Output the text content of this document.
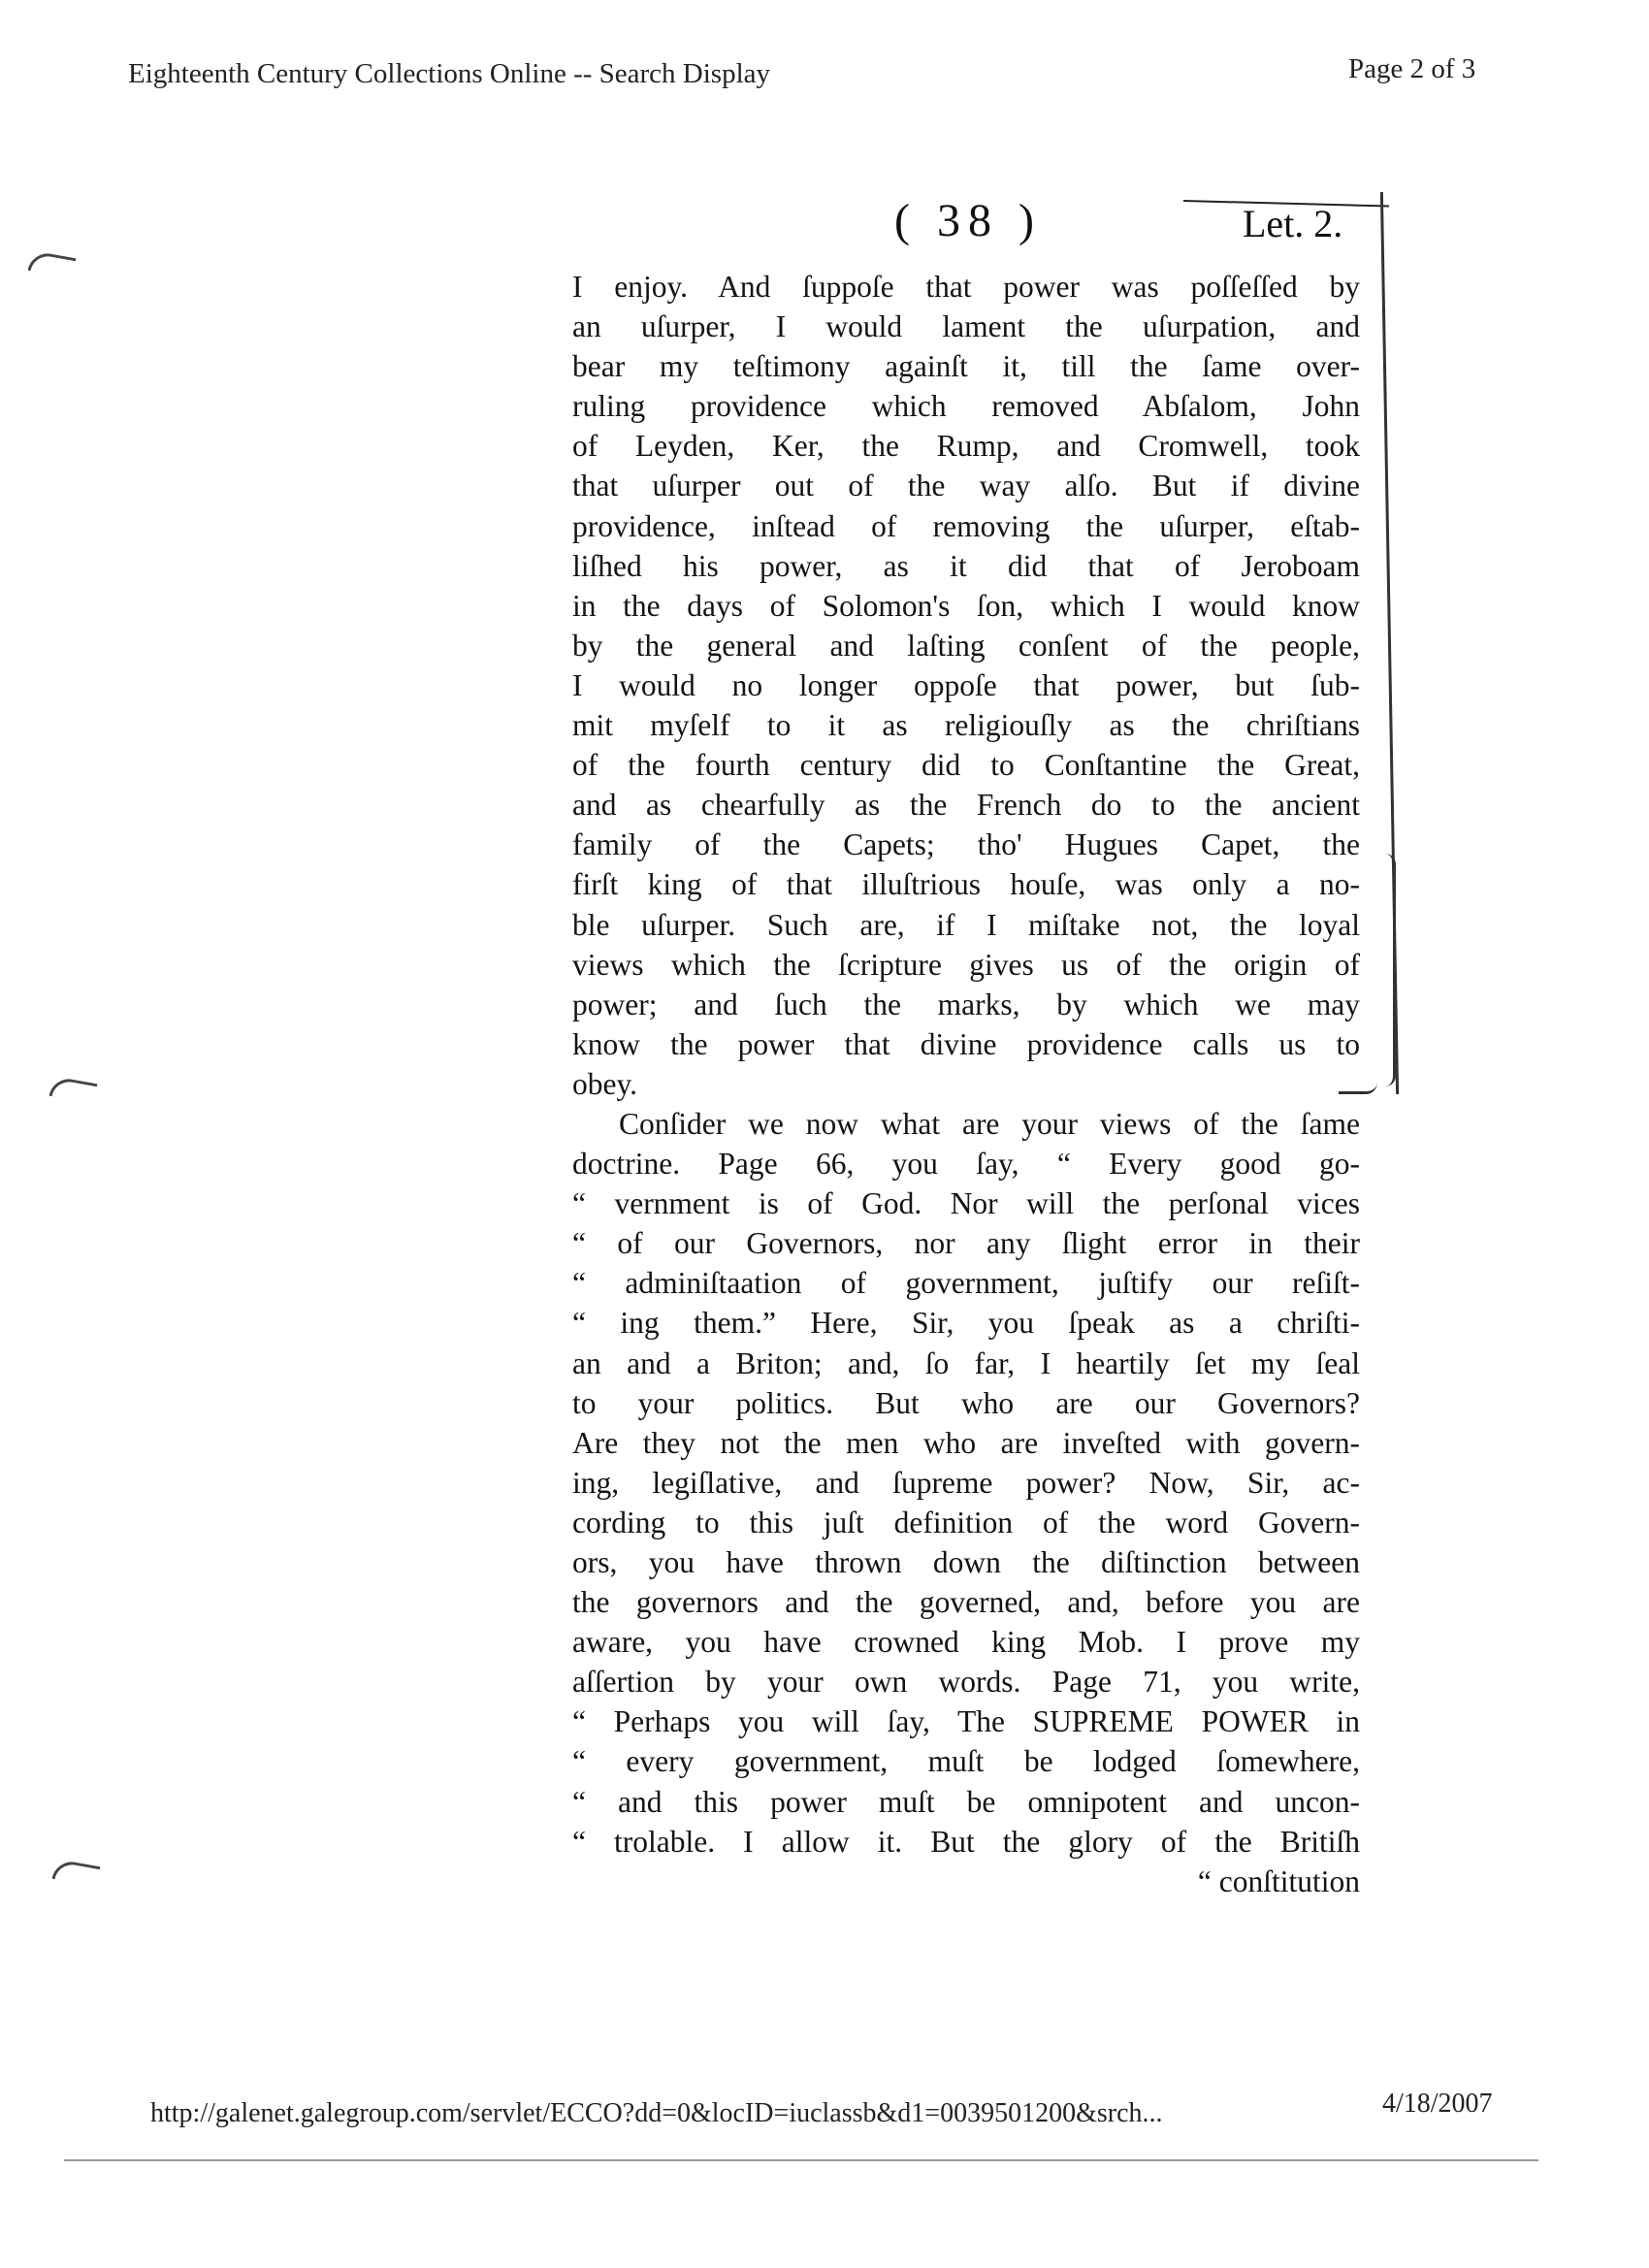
Eighteenth Century Collections Online -- Search Display	Page 2 of 3
( 38 )	Let. 2.
I enjoy. And ſuppoſe that power was poſſeſſed by
an uſurper, I would lament the uſurpation, and
bear my teſtimony againſt it, till the ſame over-
ruling providence which removed Abſalom, John
of Leyden, Ker, the Rump, and Cromwell, took
that uſurper out of the way alſo. But if divine
providence, inſtead of removing the uſurper, eſtab-
liſhed his power, as it did that of Jeroboam
in the days of Solomon's ſon, which I would know
by the general and laſting conſent of the people,
I would no longer oppoſe that power, but ſub-
mit myſelf to it as religiouſly as the chriſtians
of the fourth century did to Conſtantine the Great,
and as chearfully as the French do to the ancient
family of the Capets; tho' Hugues Capet, the
firſt king of that illuſtrious houſe, was only a no-
ble uſurper. Such are, if I miſtake not, the loyal
views which the ſcripture gives us of the origin of
power; and ſuch the marks, by which we may
know the power that divine providence calls us to
obey.
Conſider we now what are your views of the ſame
doctrine. Page 66, you ſay, “ Every good go-
“ vernment is of God. Nor will the perſonal vices
“ of our Governors, nor any ſlight error in their
“ adminiſtaation of government, juſtify our reſiſt-
“ ing them.” Here, Sir, you ſpeak as a chriſti-
an and a Briton; and, ſo far, I heartily ſet my ſeal
to your politics. But who are our Governors?
Are they not the men who are inveſted with govern-
ing, legiſlative, and ſupreme power? Now, Sir, ac-
cording to this juſt definition of the word Govern-
ors, you have thrown down the diſtinction between
the governors and the governed, and, before you are
aware, you have crowned king Mob. I prove my
aſſertion by your own words. Page 71, you write,
“ Perhaps you will ſay, The SUPREME POWER in
“ every government, muſt be lodged ſomewhere,
“ and this power muſt be omnipotent and uncon-
“ trolable. I allow it. But the glory of the Britiſh
“ conſtitution
http://galenet.galegroup.com/servlet/ECCO?dd=0&locID=iuclassb&d1=0039501200&srch...	4/18/2007
